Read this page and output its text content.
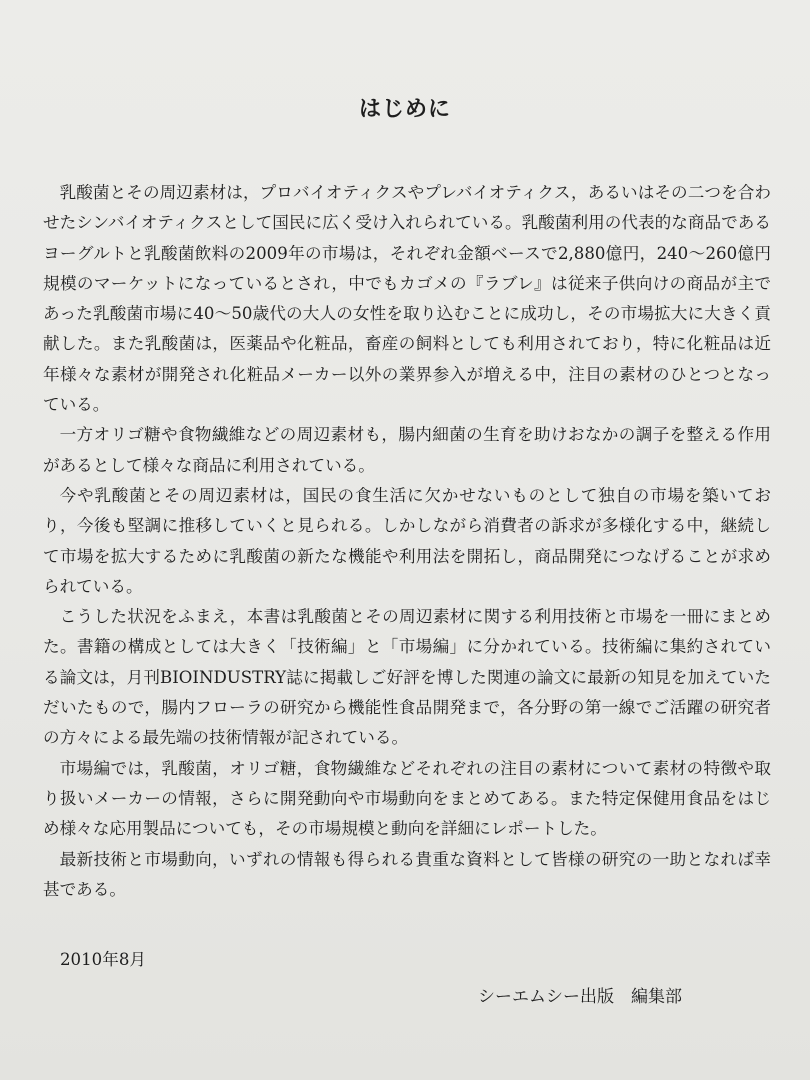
はじめに

乳酸菌とその周辺素材は，プロバイオティクスやプレバイオティクス，あるいはその二つを合わせたシンバイオティクスとして国民に広く受け入れられている。乳酸菌利用の代表的な商品であるヨーグルトと乳酸菌飲料の2009年の市場は，それぞれ金額ベースで2,880億円，240～260億円規模のマーケットになっているとされ，中でもカゴメの『ラブレ』は従来子供向けの商品が主であった乳酸菌市場に40～50歳代の大人の女性を取り込むことに成功し，その市場拡大に大きく貢献した。また乳酸菌は，医薬品や化粧品，畜産の飼料としても利用されており，特に化粧品は近年様々な素材が開発され化粧品メーカー以外の業界参入が増える中，注目の素材のひとつとなっている。

一方オリゴ糖や食物繊維などの周辺素材も，腸内細菌の生育を助けおなかの調子を整える作用があるとして様々な商品に利用されている。

今や乳酸菌とその周辺素材は，国民の食生活に欠かせないものとして独自の市場を築いており，今後も堅調に推移していくと見られる。しかしながら消費者の訴求が多様化する中，継続して市場を拡大するために乳酸菌の新たな機能や利用法を開拓し，商品開発につなげることが求められている。

こうした状況をふまえ，本書は乳酸菌とその周辺素材に関する利用技術と市場を一冊にまとめた。書籍の構成としては大きく「技術編」と「市場編」に分かれている。技術編に集約されている論文は，月刊BIOINDUSTRY誌に掲載しご好評を博した関連の論文に最新の知見を加えていただいたもので，腸内フローラの研究から機能性食品開発まで，各分野の第一線でご活躍の研究者の方々による最先端の技術情報が記されている。

市場編では，乳酸菌，オリゴ糖，食物繊維などそれぞれの注目の素材について素材の特徴や取り扱いメーカーの情報，さらに開発動向や市場動向をまとめてある。また特定保健用食品をはじめ様々な応用製品についても，その市場規模と動向を詳細にレポートした。

最新技術と市場動向，いずれの情報も得られる貴重な資料として皆様の研究の一助となれば幸甚である。

2010年8月

シーエムシー出版　編集部
